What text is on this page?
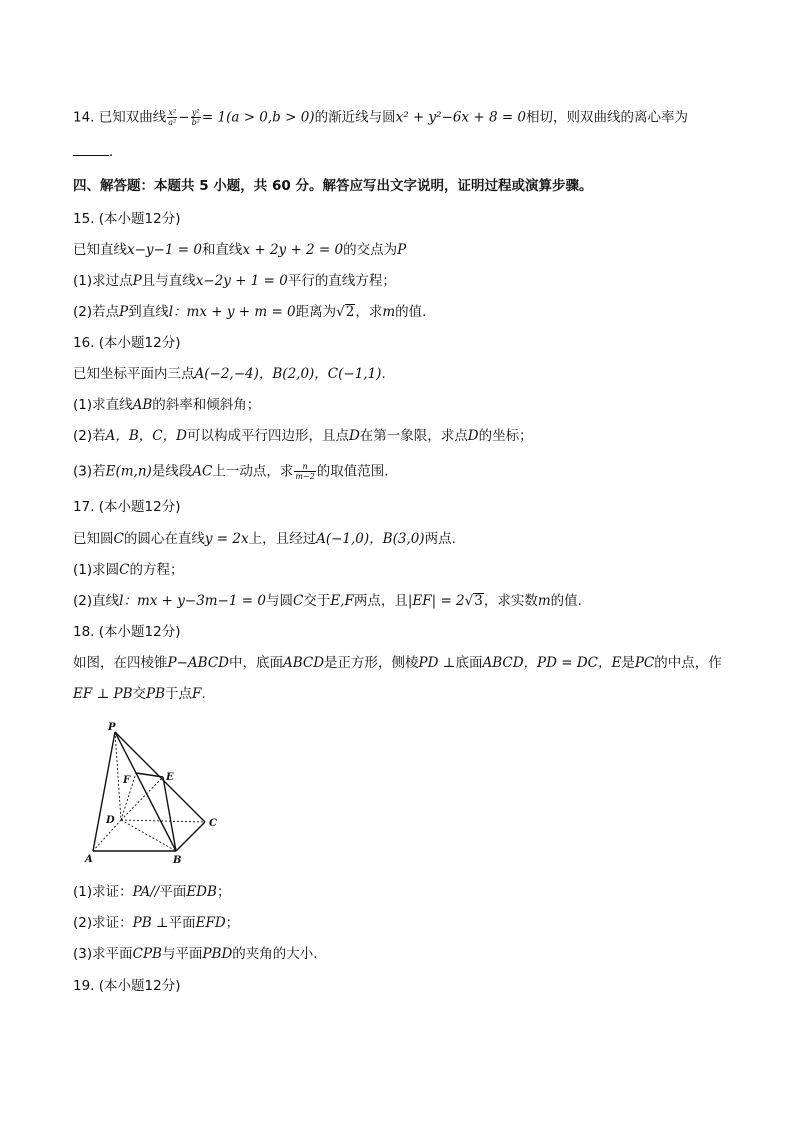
14. 已知双曲线 $\frac{\text{x²}}{\text{a²}} - \frac{\text{y²}}{\text{b²}} = 1(a > 0,b > 0)$的渐近线与圆x² + y²−6x + 8 = 0相切，则双曲线的离心率为
.
四、解答题：本题共 5 小题，共 60 分。解答应写出文字说明，证明过程或演算步骤。
15. (本小题12分)
已知直线x−y−1 = 0和直线x + 2y + 2 = 0的交点为P
(1)求过点P且与直线x−2y + 1 = 0平行的直线方程；
(2)若点P到直线l：mx + y + m = 0距离为√2，求m的值.
16. (本小题12分)
已知坐标平面内三点A(−2,−4)，B(2,0)，C(−1,1).
(1)求直线AB的斜率和倾斜角；
(2)若A，B，C，D可以构成平行四边形，且点D在第一象限，求点D的坐标；
(3)若E(m,n)是线段AC上一动点，求 $\frac{n}{m-2}$ 的取值范围.
17. (本小题12分)
已知圆C的圆心在直线y = 2x上，且经过A(−1,0)，B(3,0)两点.
(1)求圆C的方程；
(2)直线l：mx + y−3m−1 = 0与圆C交于E,F两点，且|EF| = 2√3，求实数m的值.
18. (本小题12分)
如图，在四棱锥P−ABCD中，底面ABCD是正方形，侧棱PD ⊥底面ABCD，PD = DC，E是PC的中点，作
EF ⊥ PB交PB于点F.
P
F	E
D	C
A	B
(1)求证：PA//平面EDB；
(2)求证：PB ⊥平面EFD；
(3)求平面CPB与平面PBD的夹角的大小.
19. (本小题12分)
